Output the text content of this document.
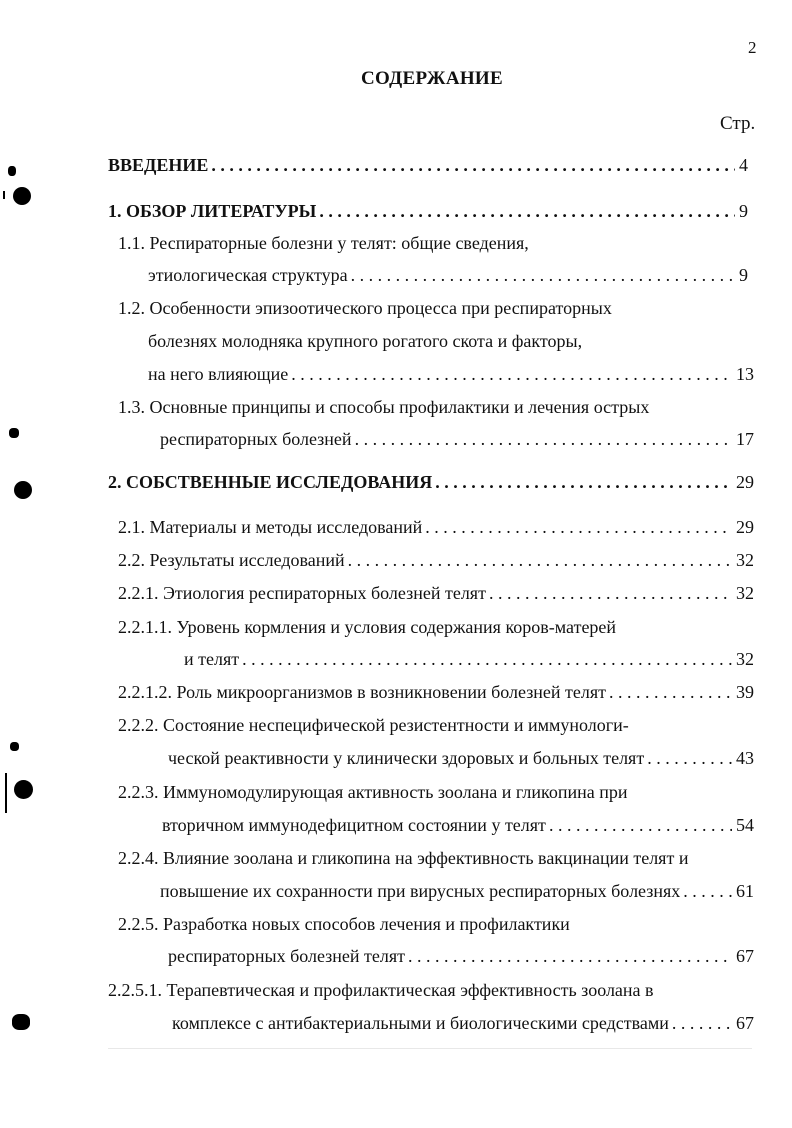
2
СОДЕРЖАНИЕ
Стр.
ВВЕДЕНИЕ . . .	4
1. ОБЗОР ЛИТЕРАТУРЫ . . .	9
1.1. Респираторные болезни у телят: общие сведения,
этиологическая структура . . .	9
1.2. Особенности эпизоотического процесса при респираторных
болезнях молодняка крупного рогатого скота и факторы,
на него влияющие . . .	13
1.3. Основные принципы и способы профилактики и лечения острых
респираторных болезней . . .	17
2. СОБСТВЕННЫЕ ИССЛЕДОВАНИЯ . . .	29
2.1. Материалы и методы исследований . . .	29
2.2. Результаты исследований . . .	32
2.2.1. Этиология респираторных болезней телят . . .	32
2.2.1.1. Уровень кормления и условия содержания коров-матерей
и телят . . .	32
2.2.1.2. Роль микроорганизмов в возникновении болезней телят . . .	39
2.2.2. Состояние неспецифической резистентности и иммунологи-
ческой реактивности у клинически здоровых и больных телят . . .	43
2.2.3. Иммуномодулирующая активность зоолана и гликопина при
вторичном иммунодефицитном состоянии у телят . . .	54
2.2.4. Влияние зоолана и гликопина на эффективность вакцинации телят и
повышение их сохранности при вирусных респираторных болезнях . . .	61
2.2.5. Разработка новых способов лечения и профилактики
респираторных болезней телят . . .	67
2.2.5.1. Терапевтическая и профилактическая эффективность зоолана в
комплексе с антибактериальными и биологическими средствами . . .	67
